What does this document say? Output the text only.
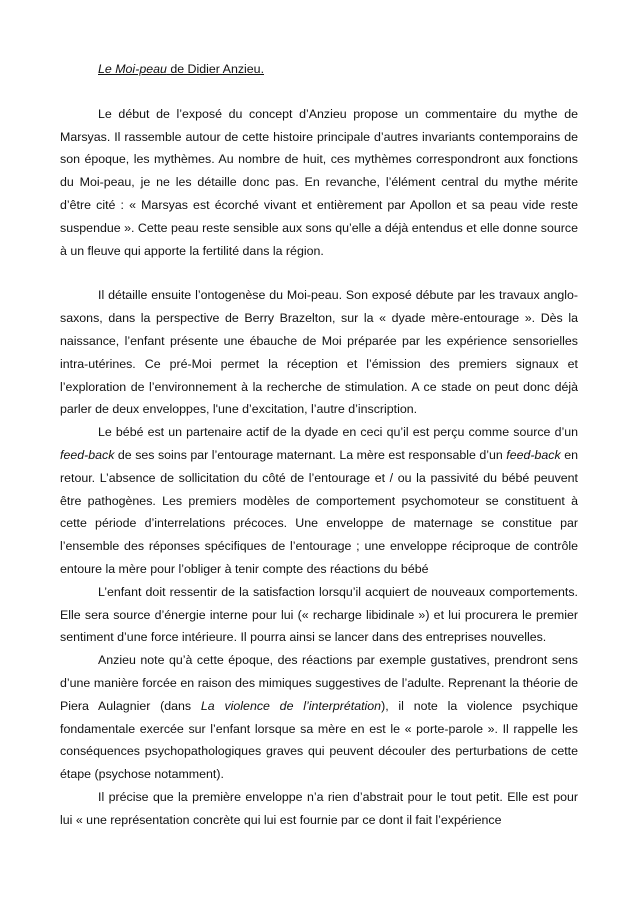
Le Moi-peau de Didier Anzieu.

Le début de l’exposé du concept d’Anzieu propose un commentaire du mythe de Marsyas. Il rassemble autour de cette histoire principale d’autres invariants contemporains de son époque, les mythèmes. Au nombre de huit, ces mythèmes correspondront aux fonctions du Moi-peau, je ne les détaille donc pas. En revanche, l’élément central du mythe mérite d’être cité : « Marsyas est écorché vivant et entièrement par Apollon et sa peau vide reste suspendue ». Cette peau reste sensible aux sons qu’elle a déjà entendus et elle donne source à un fleuve qui apporte la fertilité dans la région.

Il détaille ensuite l’ontogenèse du Moi-peau. Son exposé débute par les travaux anglo-saxons, dans la perspective de Berry Brazelton, sur la « dyade mère-entourage ». Dès la naissance, l’enfant présente une ébauche de Moi préparée par les expérience sensorielles intra-utérines. Ce pré-Moi permet la réception et l’émission des premiers signaux et l’exploration de l’environnement à la recherche de stimulation. A ce stade on peut donc déjà parler de deux enveloppes, l'une d’excitation, l’autre d’inscription.

Le bébé est un partenaire actif de la dyade en ceci qu’il est perçu comme source d’un feed-back de ses soins par l’entourage maternant. La mère est responsable d’un feed-back en retour. L’absence de sollicitation du côté de l’entourage et / ou la passivité du bébé peuvent être pathogènes. Les premiers modèles de comportement psychomoteur se constituent à cette période d’interrelations précoces. Une enveloppe de maternage se constitue par l’ensemble des réponses spécifiques de l’entourage ; une enveloppe réciproque de contrôle entoure la mère pour l’obliger à tenir compte des réactions du bébé

L’enfant doit ressentir de la satisfaction lorsqu’il acquiert de nouveaux comportements. Elle sera source d’énergie interne pour lui (« recharge libidinale ») et lui procurera le premier sentiment d’une force intérieure. Il pourra ainsi se lancer dans des entreprises nouvelles.

Anzieu note qu’à cette époque, des réactions par exemple gustatives, prendront sens d’une manière forcée en raison des mimiques suggestives de l’adulte. Reprenant la théorie de Piera Aulagnier (dans La violence de l’interprétation), il note la violence psychique fondamentale exercée sur l’enfant lorsque sa mère en est le « porte-parole ». Il rappelle les conséquences psychopathologiques graves qui peuvent découler des perturbations de cette étape (psychose notamment).

Il précise que la première enveloppe n’a rien d’abstrait pour le tout petit. Elle est pour lui « une représentation concrète qui lui est fournie par ce dont il fait l’expérience
